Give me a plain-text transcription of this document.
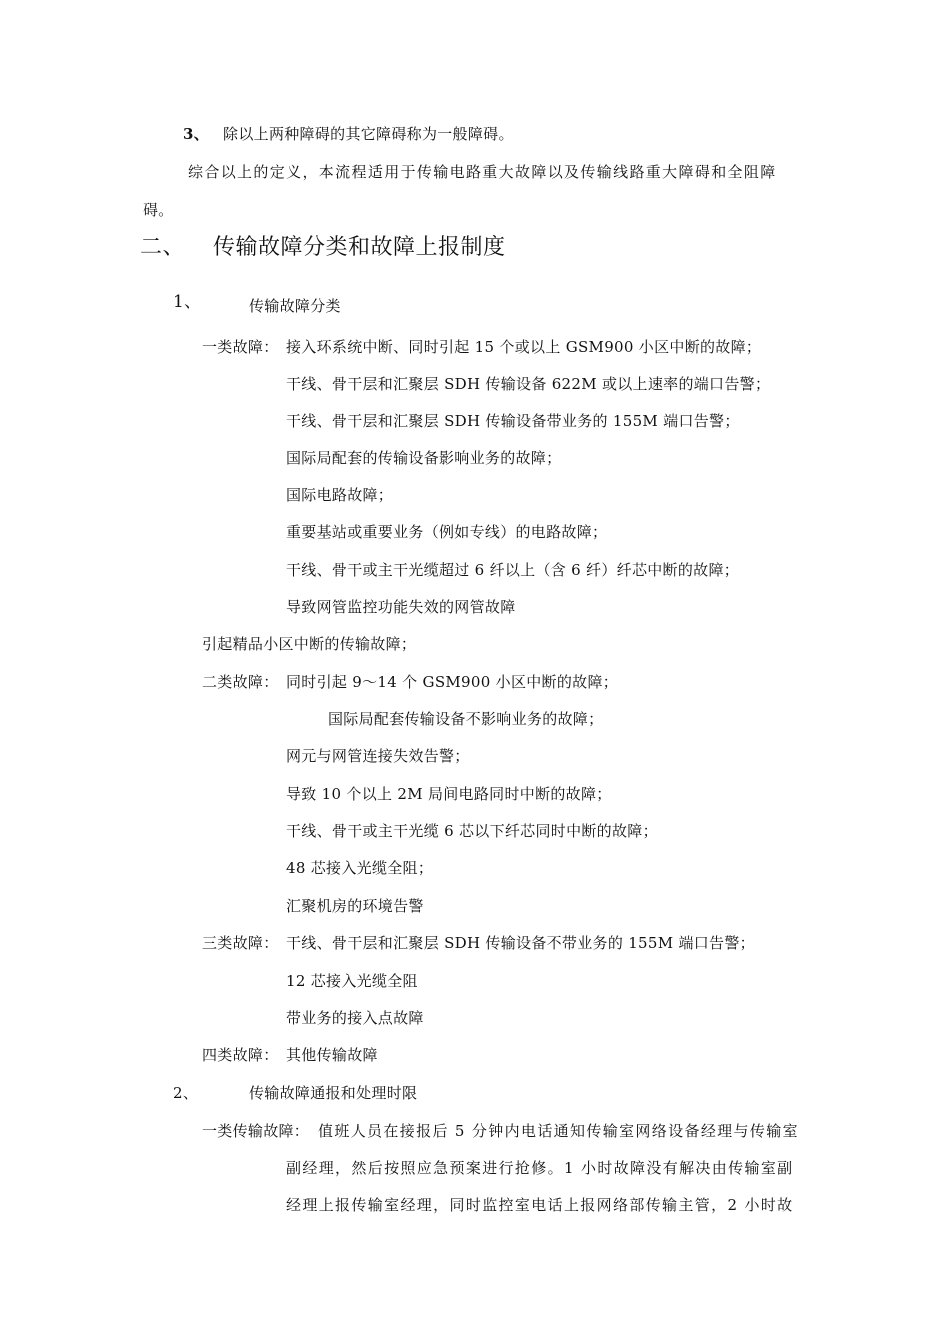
3、 除以上两种障碍的其它障碍称为一般障碍。
综合以上的定义，本流程适用于传输电路重大故障以及传输线路重大障碍和全阻障
碍。
二、 传输故障分类和故障上报制度
1、	传输故障分类
一类故障： 接入环系统中断、同时引起 15 个或以上 GSM900 小区中断的故障；
干线、骨干层和汇聚层 SDH 传输设备 622M 或以上速率的端口告警；
干线、骨干层和汇聚层 SDH 传输设备带业务的 155M 端口告警；
国际局配套的传输设备影响业务的故障；
国际电路故障；
重要基站或重要业务（例如专线）的电路故障；
干线、骨干或主干光缆超过 6 纤以上（含 6 纤）纤芯中断的故障；
导致网管监控功能失效的网管故障
引起精品小区中断的传输故障；
二类故障： 同时引起 9～14 个 GSM900 小区中断的故障；
国际局配套传输设备不影响业务的故障；
网元与网管连接失效告警；
导致 10 个以上 2M 局间电路同时中断的故障；
干线、骨干或主干光缆 6 芯以下纤芯同时中断的故障；
48 芯接入光缆全阻；
汇聚机房的环境告警
三类故障： 干线、骨干层和汇聚层 SDH 传输设备不带业务的 155M 端口告警；
12 芯接入光缆全阻
带业务的接入点故障
四类故障： 其他传输故障
2、	传输故障通报和处理时限
一类传输故障： 值班人员在接报后 5 分钟内电话通知传输室网络设备经理与传输室
副经理，然后按照应急预案进行抢修。1 小时故障没有解决由传输室副
经理上报传输室经理，同时监控室电话上报网络部传输主管，2 小时故
